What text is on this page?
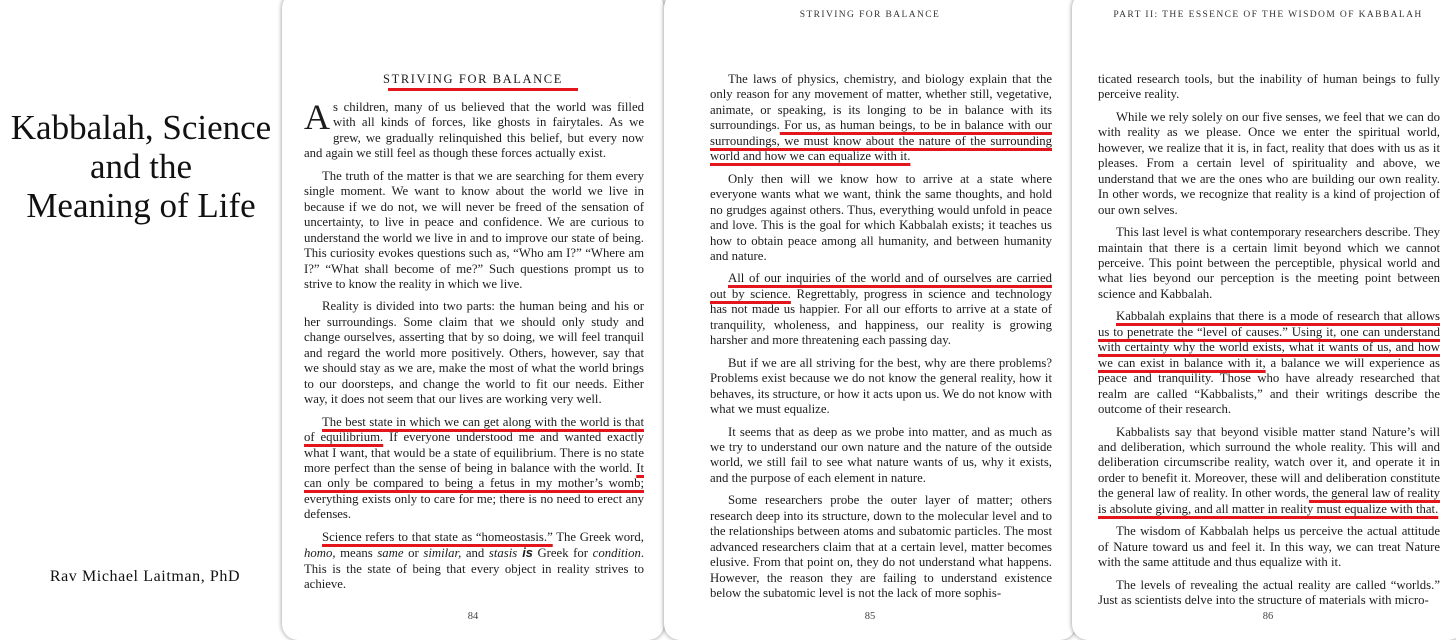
Kabbalah, Science
and the
Meaning of Life
Rav Michael Laitman, PhD
STRIVING FOR BALANCE

As children, many of us believed that the world was filled with all kinds of forces, like ghosts in fairytales. As we grew, we gradually relinquished this belief, but every now and again we still feel as though these forces actually exist.

The truth of the matter is that we are searching for them every single moment. We want to know about the world we live in because if we do not, we will never be freed of the sensation of uncertainty, to live in peace and confidence. We are curious to understand the world we live in and to improve our state of being. This curiosity evokes questions such as, “Who am I?” “Where am I?” “What shall become of me?” Such questions prompt us to strive to know the reality in which we live.

Reality is divided into two parts: the human being and his or her surroundings. Some claim that we should only study and change ourselves, asserting that by so doing, we will feel tranquil and regard the world more positively. Others, however, say that we should stay as we are, make the most of what the world brings to our doorsteps, and change the world to fit our needs. Either way, it does not seem that our lives are working very well.

The best state in which we can get along with the world is that of equilibrium. If everyone understood me and wanted exactly what I want, that would be a state of equilibrium. There is no state more perfect than the sense of being in balance with the world. It can only be compared to being a fetus in my mother’s womb; everything exists only to care for me; there is no need to erect any defenses.

Science refers to that state as “homeostasis.” The Greek word, homo, means same or similar, and stasis is Greek for condition. This is the state of being that every object in reality strives to achieve.

84
STRIVING FOR BALANCE

The laws of physics, chemistry, and biology explain that the only reason for any movement of matter, whether still, vegetative, animate, or speaking, is its longing to be in balance with its surroundings. For us, as human beings, to be in balance with our surroundings, we must know about the nature of the surrounding world and how we can equalize with it.

Only then will we know how to arrive at a state where everyone wants what we want, think the same thoughts, and hold no grudges against others. Thus, everything would unfold in peace and love. This is the goal for which Kabbalah exists; it teaches us how to obtain peace among all humanity, and between humanity and nature.

All of our inquiries of the world and of ourselves are carried out by science. Regrettably, progress in science and technology has not made us happier. For all our efforts to arrive at a state of tranquility, wholeness, and happiness, our reality is growing harsher and more threatening each passing day.

But if we are all striving for the best, why are there problems? Problems exist because we do not know the general reality, how it behaves, its structure, or how it acts upon us. We do not know with what we must equalize.

It seems that as deep as we probe into matter, and as much as we try to understand our own nature and the nature of the outside world, we still fail to see what nature wants of us, why it exists, and the purpose of each element in nature.

Some researchers probe the outer layer of matter; others research deep into its structure, down to the molecular level and to the relationships between atoms and subatomic particles. The most advanced researchers claim that at a certain level, matter becomes elusive. From that point on, they do not understand what happens. However, the reason they are failing to understand existence below the subatomic level is not the lack of more sophis-

85
PART II: THE ESSENCE OF THE WISDOM OF KABBALAH

ticated research tools, but the inability of human beings to fully perceive reality.

While we rely solely on our five senses, we feel that we can do with reality as we please. Once we enter the spiritual world, however, we realize that it is, in fact, reality that does with us as it pleases. From a certain level of spirituality and above, we understand that we are the ones who are building our own reality. In other words, we recognize that reality is a kind of projection of our own selves.

This last level is what contemporary researchers describe. They maintain that there is a certain limit beyond which we cannot perceive. This point between the perceptible, physical world and what lies beyond our perception is the meeting point between science and Kabbalah.

Kabbalah explains that there is a mode of research that allows us to penetrate the “level of causes.” Using it, one can understand with certainty why the world exists, what it wants of us, and how we can exist in balance with it, a balance we will experience as peace and tranquility. Those who have already researched that realm are called “Kabbalists,” and their writings describe the outcome of their research.

Kabbalists say that beyond visible matter stand Nature’s will and deliberation, which surround the whole reality. This will and deliberation circumscribe reality, watch over it, and operate it in order to benefit it. Moreover, these will and deliberation constitute the general law of reality. In other words, the general law of reality is absolute giving, and all matter in reality must equalize with that.

The wisdom of Kabbalah helps us perceive the actual attitude of Nature toward us and feel it. In this way, we can treat Nature with the same attitude and thus equalize with it.

The levels of revealing the actual reality are called “worlds.” Just as scientists delve into the structure of materials with micro-

86
